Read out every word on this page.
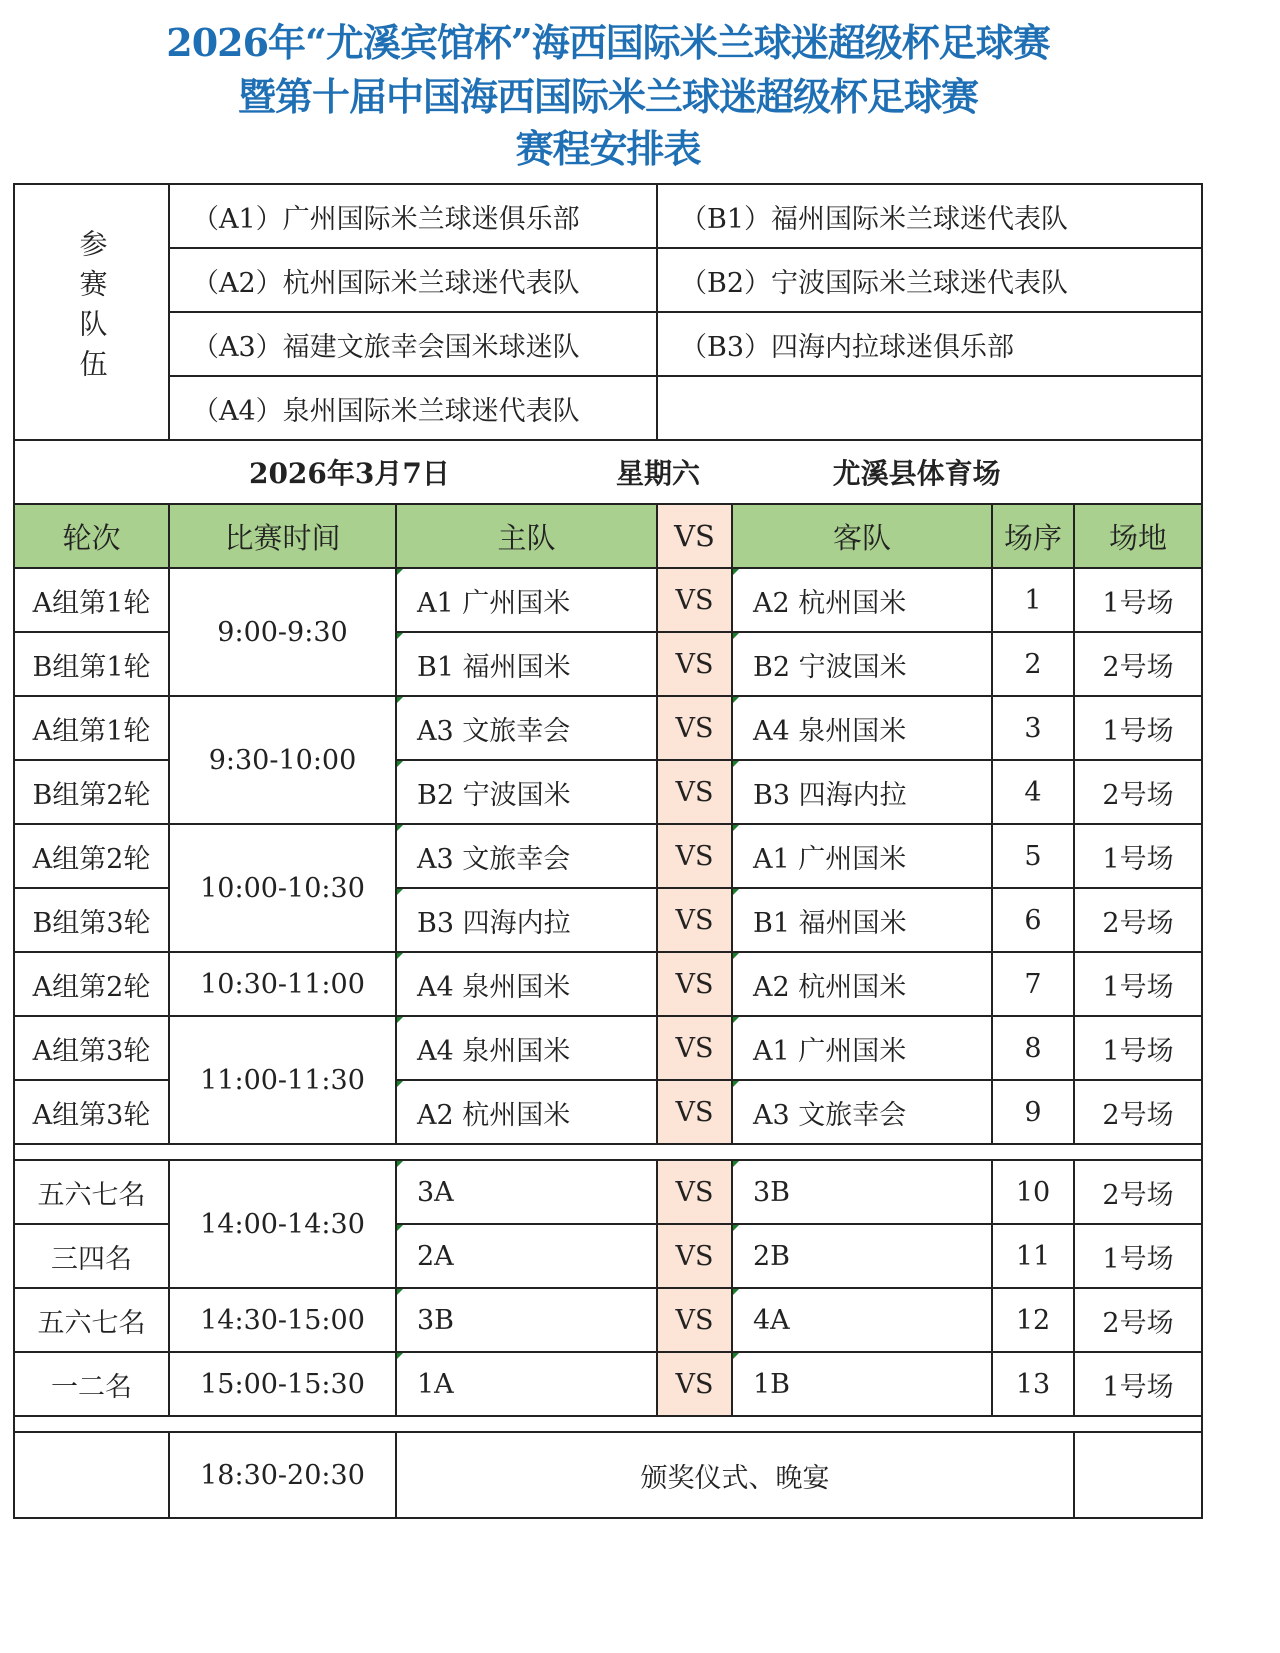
2026年“尤溪宾馆杯”海西国际米兰球迷超级杯足球赛
暨第十届中国海西国际米兰球迷超级杯足球赛
赛程安排表
参赛队伍	（A1）广州国际米兰球迷俱乐部		（B1）福州国际米兰球迷代表队			
	（A2）杭州国际米兰球迷代表队		（B2）宁波国际米兰球迷代表队			
	（A3）福建文旅幸会国米球迷队		（B3）四海内拉球迷俱乐部			
	（A4）泉州国际米兰球迷代表队					
2026年3月7日 星期六 尤溪县体育场						
轮次	比赛时间	主队	VS	客队	场序	场地
A组第1轮	9:00-9:30	A1 广州国米	VS	A2 杭州国米	1	1号场
B组第1轮		B1 福州国米	VS	B2 宁波国米	2	2号场
A组第1轮	9:30-10:00	A3 文旅幸会	VS	A4 泉州国米	3	1号场
B组第2轮		B2 宁波国米	VS	B3 四海内拉	4	2号场
A组第2轮	10:00-10:30	A3 文旅幸会	VS	A1 广州国米	5	1号场
B组第3轮		B3 四海内拉	VS	B1 福州国米	6	2号场
A组第2轮	10:30-11:00	A4 泉州国米	VS	A2 杭州国米	7	1号场
A组第3轮	11:00-11:30	A4 泉州国米	VS	A1 广州国米	8	1号场
A组第3轮		A2 杭州国米	VS	A3 文旅幸会	9	2号场

五六七名	14:00-14:30	3A	VS	3B	10	2号场
三四名		2A	VS	2B	11	1号场
五六七名	14:30-15:00	3B	VS	4A	12	2号场
一二名	15:00-15:30	1A	VS	1B	13	1号场

	18:30-20:30	颁奖仪式、晚宴				
